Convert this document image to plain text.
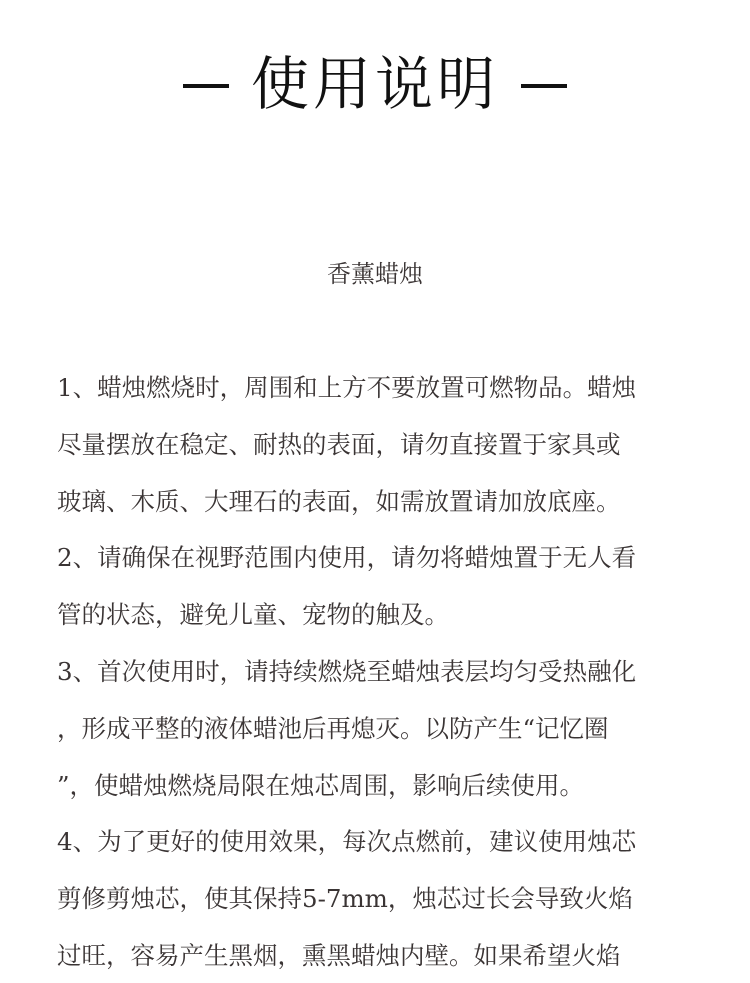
使用说明
香薰蜡烛

1、蜡烛燃烧时，周围和上方不要放置可燃物品。蜡烛
尽量摆放在稳定、耐热的表面，请勿直接置于家具或
玻璃、木质、大理石的表面，如需放置请加放底座。

2、请确保在视野范围内使用，请勿将蜡烛置于无人看
管的状态，避免儿童、宠物的触及。

3、首次使用时，请持续燃烧至蜡烛表层均匀受热融化
，形成平整的液体蜡池后再熄灭。以防产生“记忆圈
”，使蜡烛燃烧局限在烛芯周围，影响后续使用。

4、为了更好的使用效果，每次点燃前，建议使用烛芯
剪修剪烛芯，使其保持5-7mm，烛芯过长会导致火焰
过旺，容易产生黑烟，熏黑蜡烛内壁。如果希望火焰
